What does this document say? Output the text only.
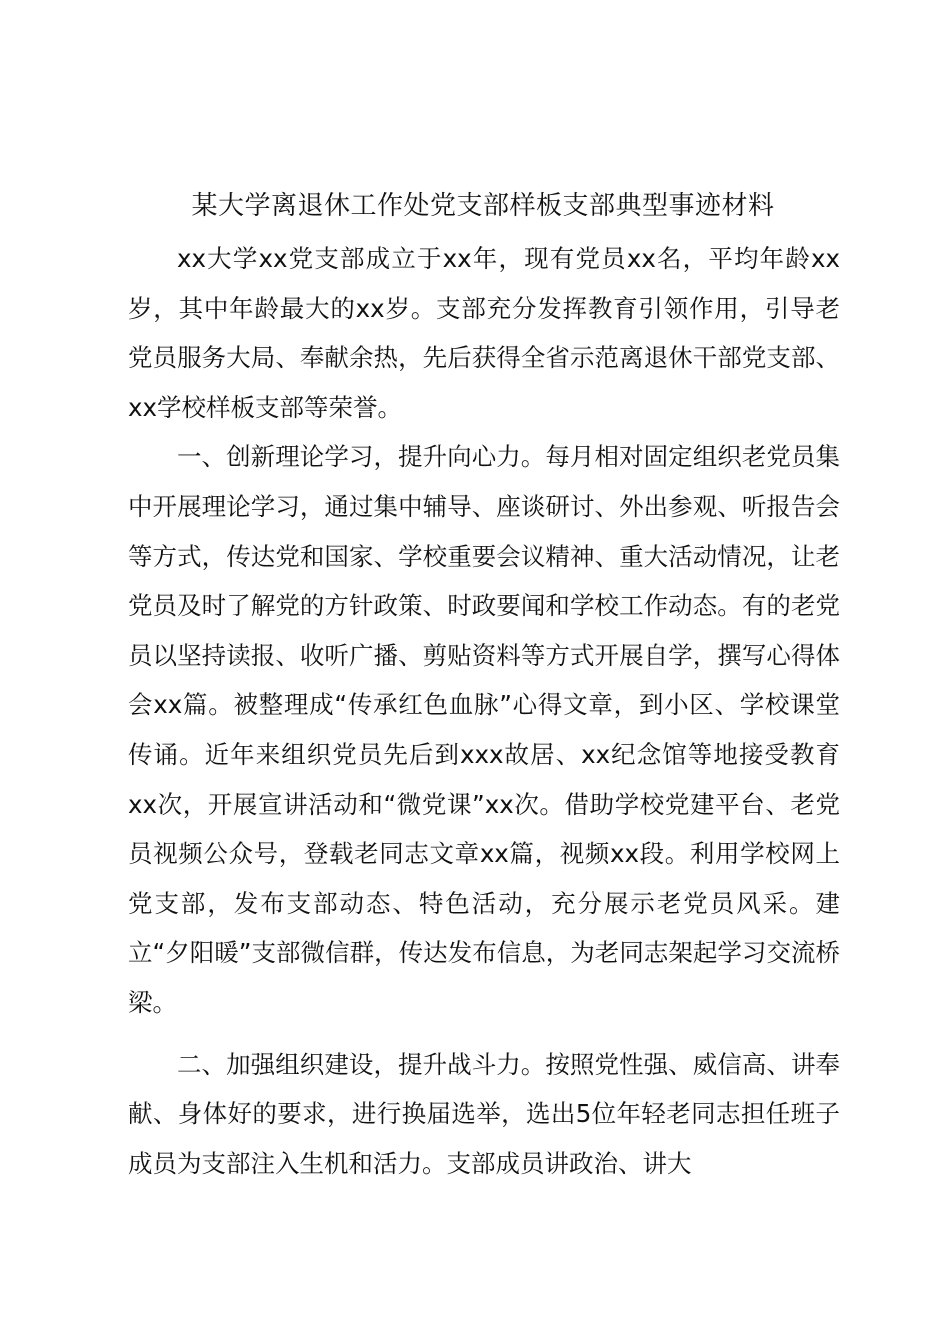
某大学离退休工作处党支部样板支部典型事迹材料

xx大学xx党支部成立于xx年，现有党员xx名，平均年龄xx岁，其中年龄最大的xx岁。支部充分发挥教育引领作用，引导老党员服务大局、奉献余热，先后获得全省示范离退休干部党支部、xx学校样板支部等荣誉。

一、创新理论学习，提升向心力。每月相对固定组织老党员集中开展理论学习，通过集中辅导、座谈研讨、外出参观、听报告会等方式，传达党和国家、学校重要会议精神、重大活动情况，让老党员及时了解党的方针政策、时政要闻和学校工作动态。有的老党员以坚持读报、收听广播、剪贴资料等方式开展自学，撰写心得体会xx篇。被整理成“传承红色血脉”心得文章，到小区、学校课堂传诵。近年来组织党员先后到xxx故居、xx纪念馆等地接受教育xx次，开展宣讲活动和“微党课”xx次。借助学校党建平台、老党员视频公众号，登载老同志文章xx篇，视频xx段。利用学校网上党支部，发布支部动态、特色活动，充分展示老党员风采。建立“夕阳暖”支部微信群，传达发布信息，为老同志架起学习交流桥梁。

二、加强组织建设，提升战斗力。按照党性强、威信高、讲奉献、身体好的要求，进行换届选举，选出5位年轻老同志担任班子成员为支部注入生机和活力。支部成员讲政治、讲大
